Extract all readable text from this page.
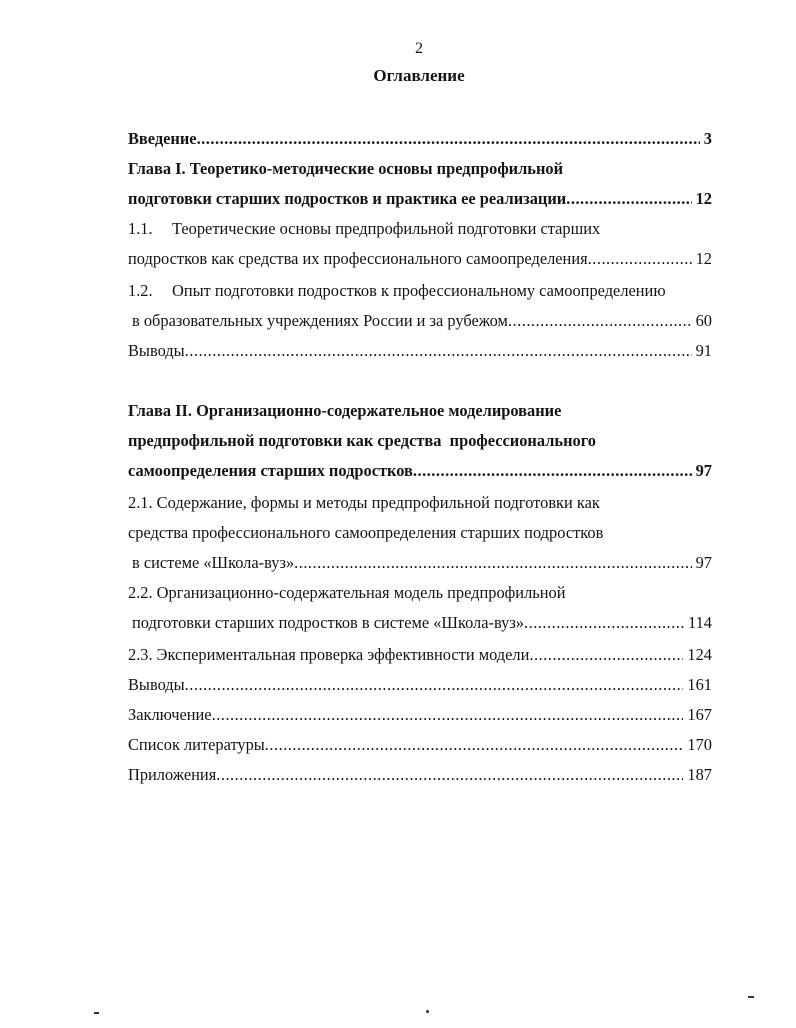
2
Оглавление
Введение .....	3
Глава I. Теоретико-методические основы предпрофильной
подготовки старших подростков и практика ее реализации .....	12
1.1.	Теоретические основы предпрофильной подготовки старших
подростков как средства их профессионального самоопределения .....	12
1.2.	Опыт подготовки подростков к профессиональному самоопределению
в образовательных учреждениях России и за рубежом .....	60
Выводы .....	91
Глава II. Организационно-содержательное моделирование
предпрофильной подготовки как средства  профессионального
самоопределения старших подростков .....	97
2.1. Содержание, формы и методы предпрофильной подготовки как
средства профессионального самоопределения старших подростков
в системе «Школа-вуз» .....	97
2.2. Организационно-содержательная модель предпрофильной
подготовки старших подростков в системе «Школа-вуз» .....	114
2.3. Экспериментальная проверка эффективности модели .....	124
Выводы .....	161
Заключение .....	167
Список литературы .....	170
Приложения .....	187
